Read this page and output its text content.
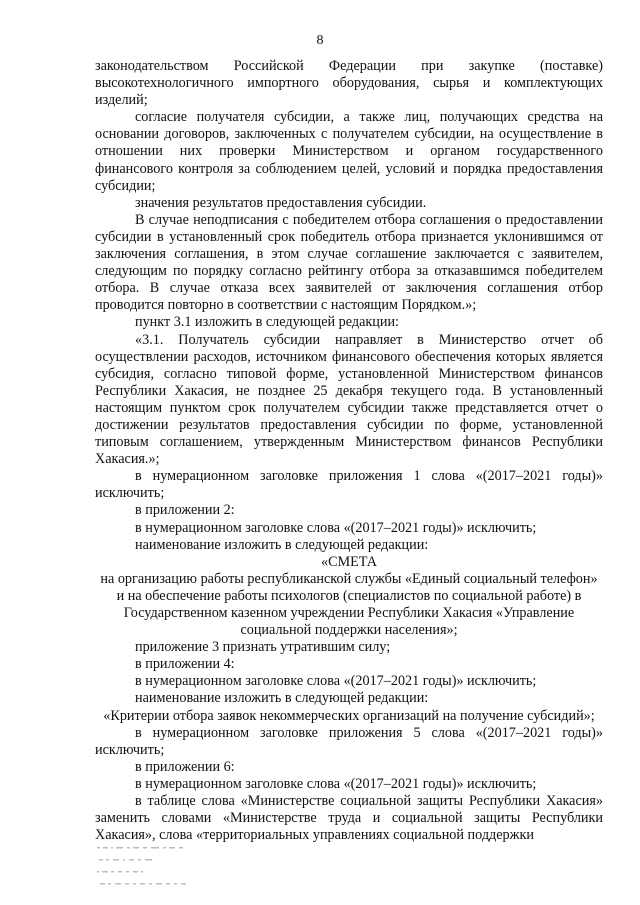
8

законодательством Российской Федерации при закупке (поставке) высокотехнологичного импортного оборудования, сырья и комплектующих изделий;

согласие получателя субсидии, а также лиц, получающих средства на основании договоров, заключенных с получателем субсидии, на осуществление в отношении них проверки Министерством и органом государственного финансового контроля за соблюдением целей, условий и порядка предоставления субсидии;

значения результатов предоставления субсидии.

В случае неподписания с победителем отбора соглашения о предоставлении субсидии в установленный срок победитель отбора признается уклонившимся от заключения соглашения, в этом случае соглашение заключается с заявителем, следующим по порядку согласно рейтингу отбора за отказавшимся победителем отбора. В случае отказа всех заявителей от заключения соглашения отбор проводится повторно в соответствии с настоящим Порядком.»;

пункт 3.1 изложить в следующей редакции:

«3.1. Получатель субсидии направляет в Министерство отчет об осуществлении расходов, источником финансового обеспечения которых является субсидия, согласно типовой форме, установленной Министерством финансов Республики Хакасия, не позднее 25 декабря текущего года. В установленный настоящим пунктом срок получателем субсидии также представляется отчет о достижении результатов предоставления субсидии по форме, установленной типовым соглашением, утвержденным Министерством финансов Республики Хакасия.»;

в нумерационном заголовке приложения 1 слова «(2017–2021 годы)» исключить;

в приложении 2:

в нумерационном заголовке слова «(2017–2021 годы)» исключить;

наименование изложить в следующей редакции:

«СМЕТА

на организацию работы республиканской службы «Единый социальный телефон» и на обеспечение работы психологов (специалистов по социальной работе) в Государственном казенном учреждении Республики Хакасия «Управление социальной поддержки населения»;

приложение 3 признать утратившим силу;

в приложении 4:

в нумерационном заголовке слова «(2017–2021 годы)» исключить;

наименование изложить в следующей редакции:

«Критерии отбора заявок некоммерческих организаций на получение субсидий»;

в нумерационном заголовке приложения 5 слова «(2017–2021 годы)» исключить;

в приложении 6:

в нумерационном заголовке слова «(2017–2021 годы)» исключить;

в таблице слова «Министерстве социальной защиты Республики Хакасия» заменить словами «Министерстве труда и социальной защиты Республики Хакасия», слова «территориальных управлениях социальной поддержки
